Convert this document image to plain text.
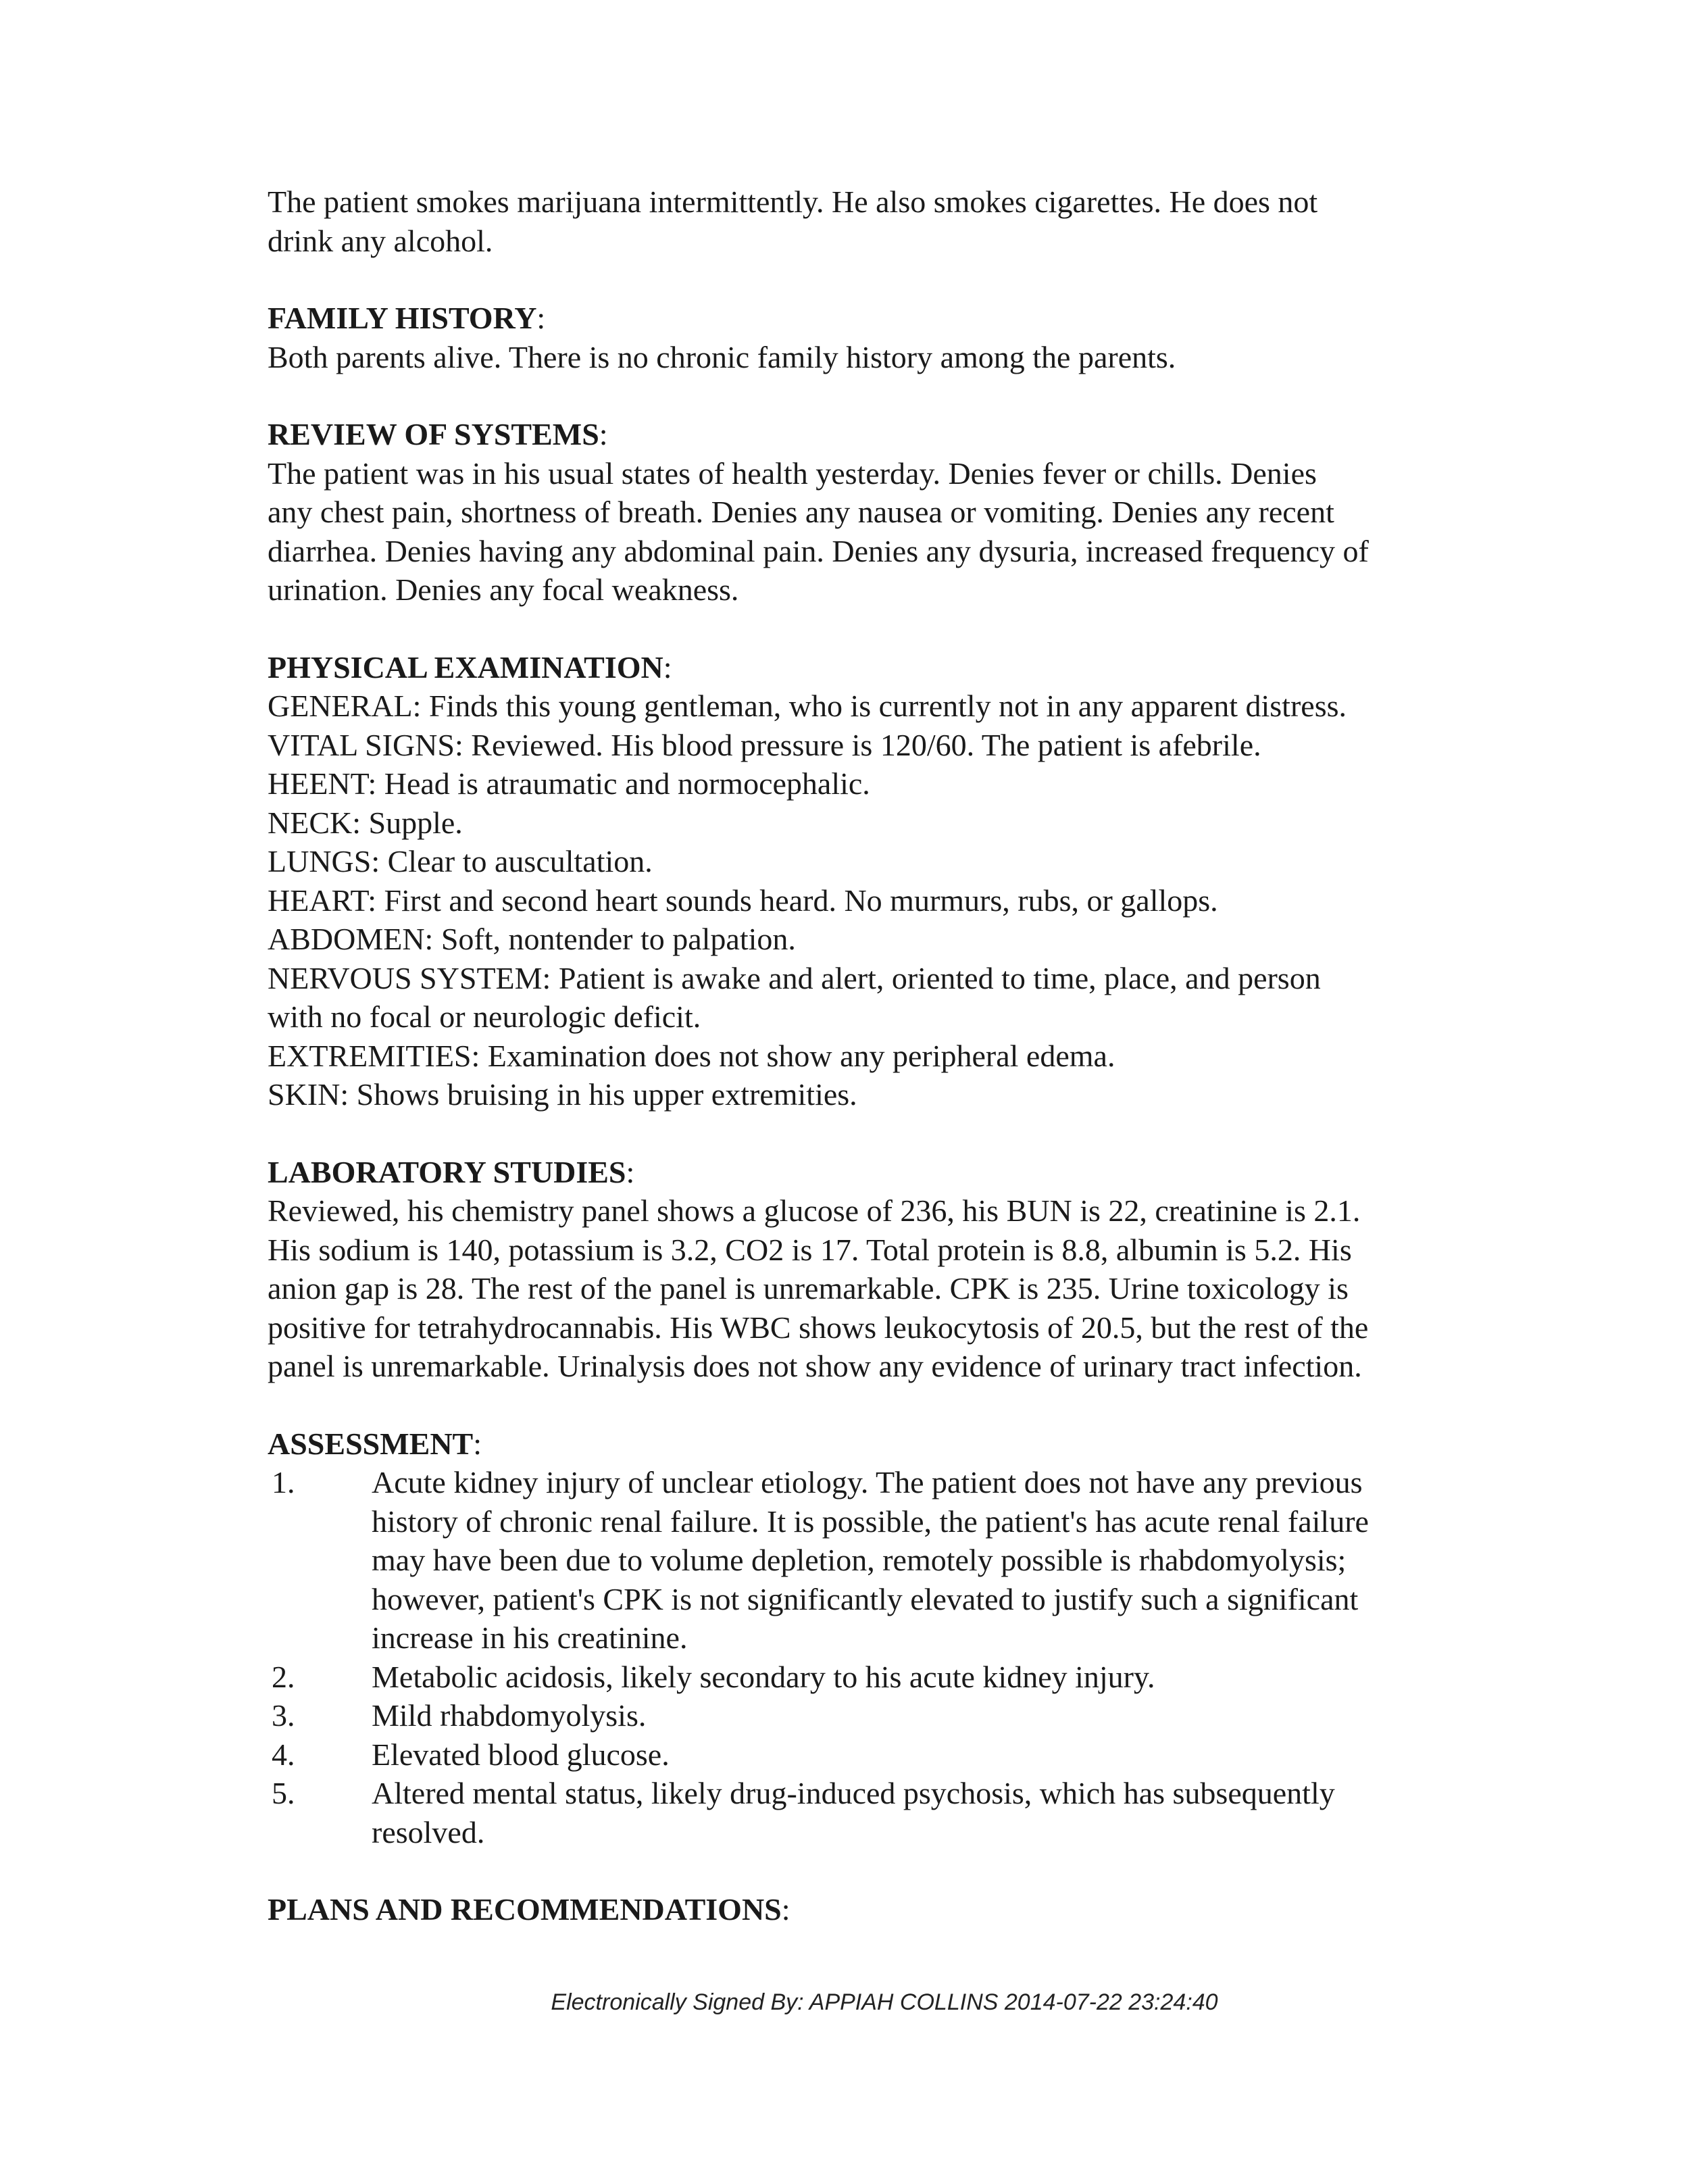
The patient smokes marijuana intermittently. He also smokes cigarettes. He does not
drink any alcohol.

FAMILY HISTORY:

Both parents alive. There is no chronic family history among the parents.

REVIEW OF SYSTEMS:

The patient was in his usual states of health yesterday. Denies fever or chills. Denies
any chest pain, shortness of breath. Denies any nausea or vomiting. Denies any recent
diarrhea. Denies having any abdominal pain. Denies any dysuria, increased frequency of
urination. Denies any focal weakness.

PHYSICAL EXAMINATION:

GENERAL: Finds this young gentleman, who is currently not in any apparent distress.
VITAL SIGNS: Reviewed. His blood pressure is 120/60. The patient is afebrile.
HEENT: Head is atraumatic and normocephalic.
NECK: Supple.
LUNGS: Clear to auscultation.
HEART: First and second heart sounds heard. No murmurs, rubs, or gallops.
ABDOMEN: Soft, nontender to palpation.
NERVOUS SYSTEM: Patient is awake and alert, oriented to time, place, and person
with no focal or neurologic deficit.
EXTREMITIES: Examination does not show any peripheral edema.
SKIN: Shows bruising in his upper extremities.

LABORATORY STUDIES:

Reviewed, his chemistry panel shows a glucose of 236, his BUN is 22, creatinine is 2.1.
His sodium is 140, potassium is 3.2, CO2 is 17. Total protein is 8.8, albumin is 5.2. His
anion gap is 28. The rest of the panel is unremarkable. CPK is 235. Urine toxicology is
positive for tetrahydrocannabis. His WBC shows leukocytosis of 20.5, but the rest of the
panel is unremarkable. Urinalysis does not show any evidence of urinary tract infection.

ASSESSMENT:

1. Acute kidney injury of unclear etiology. The patient does not have any previous
history of chronic renal failure. It is possible, the patient's has acute renal failure
may have been due to volume depletion, remotely possible is rhabdomyolysis;
however, patient's CPK is not significantly elevated to justify such a significant
increase in his creatinine.
2. Metabolic acidosis, likely secondary to his acute kidney injury.
3. Mild rhabdomyolysis.
4. Elevated blood glucose.
5. Altered mental status, likely drug-induced psychosis, which has subsequently
resolved.

PLANS AND RECOMMENDATIONS:

Electronically Signed By: APPIAH COLLINS 2014-07-22 23:24:40
